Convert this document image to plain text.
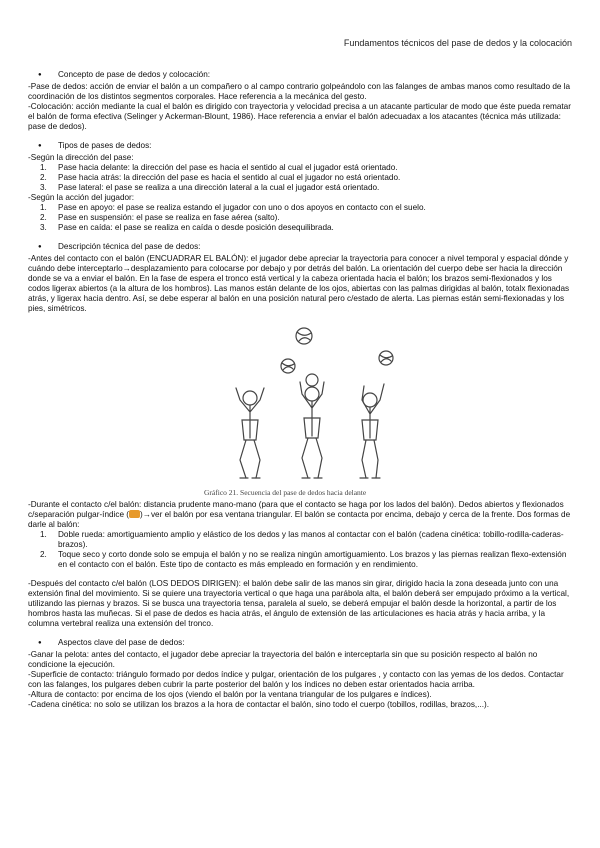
Fundamentos técnicos del pase de dedos y la colocación

● Concepto de pase de dedos y colocación:

-Pase de dedos: acción de enviar el balón a un compañero o al campo contrario golpeándolo con las falanges de ambas manos como resultado de la coordinación de los distintos segmentos corporales. Hace referencia a la mecánica del gesto.

-Colocación: acción mediante la cual el balón es dirigido con trayectoria y velocidad precisa a un atacante particular de modo que éste pueda rematar el balón de forma efectiva (Selinger y Ackerman-Blount, 1986). Hace referencia a enviar el balón adecuadax a los atacantes (técnica más utilizada: pase de dedos).

● Tipos de pases de dedos:

-Según la dirección del pase:

1. Pase hacia delante: la dirección del pase es hacia el sentido al cual el jugador está orientado.
2. Pase hacia atrás: la dirección del pase es hacia el sentido al cual el jugador no está orientado.
3. Pase lateral: el pase se realiza a una dirección lateral a la cual el jugador está orientado.

-Según la acción del jugador:

1. Pase en apoyo: el pase se realiza estando el jugador con uno o dos apoyos en contacto con el suelo.
2. Pase en suspensión: el pase se realiza en fase aérea (salto).
3. Pase en caída: el pase se realiza en caída o desde posición desequilibrada.

● Descripción técnica del pase de dedos:

-Antes del contacto con el balón (ENCUADRAR EL BALÓN): el jugador debe apreciar la trayectoria para conocer a nivel temporal y espacial dónde y cuándo debe interceptarlo→desplazamiento para colocarse por debajo y por detrás del balón. La orientación del cuerpo debe ser hacia la dirección donde se va a enviar el balón. En la fase de espera el tronco está vertical y la cabeza orientada hacia el balón; los brazos semi-flexionados y los codos ligerax abiertos (a la altura de los hombros). Las manos están delante de los ojos, abiertas con las palmas dirigidas al balón, totalx flexionadas atrás, y ligerax hacia dentro. Así, se debe esperar al balón en una posición natural pero c/estado de alerta. Las piernas están semi-flexionadas y los pies, simétricos.

Gráfico 21. Secuencia del pase de dedos hacia delante

-Durante el contacto c/el balón: distancia prudente mano-mano (para que el contacto se haga por los lados del balón). Dedos abiertos y flexionados c/separación pulgar-índice ( )→ver el balón por esa ventana triangular. El balón se contacta por encima, debajo y cerca de la frente. Dos formas de darle al balón:

1. Doble rueda: amortiguamiento amplio y elástico de los dedos y las manos al contactar con el balón (cadena cinética: tobillo-rodilla-caderas-brazos).
2. Toque seco y corto donde solo se empuja el balón y no se realiza ningún amortiguamiento. Los brazos y las piernas realizan flexo-extensión en el contacto con el balón. Este tipo de contacto es más empleado en formación y en rendimiento.

-Después del contacto c/el balón (LOS DEDOS DIRIGEN): el balón debe salir de las manos sin girar, dirigido hacia la zona deseada junto con una extensión final del movimiento. Si se quiere una trayectoria vertical o que haga una parábola alta, el balón deberá ser empujado próximo a la vertical, utilizando las piernas y brazos. Si se busca una trayectoria tensa, paralela al suelo, se deberá empujar el balón desde la horizontal, a partir de los hombros hasta las muñecas. Si el pase de dedos es hacia atrás, el ángulo de extensión de las articulaciones es hacia atrás y hacia arriba, y la columna vertebral realiza una extensión del tronco.

● Aspectos clave del pase de dedos:

-Ganar la pelota: antes del contacto, el jugador debe apreciar la trayectoria del balón e interceptarla sin que su posición respecto al balón no condicione la ejecución.

-Superficie de contacto: triángulo formado por dedos índice y pulgar, orientación de los pulgares , y contacto con las yemas de los dedos. Contactar con las falanges, los pulgares deben cubrir la parte posterior del balón y los índices no deben estar orientados hacia arriba.

-Altura de contacto: por encima de los ojos (viendo el balón por la ventana triangular de los pulgares e índices).

-Cadena cinética: no solo se utilizan los brazos a la hora de contactar el balón, sino todo el cuerpo (tobillos, rodillas, brazos,...).
